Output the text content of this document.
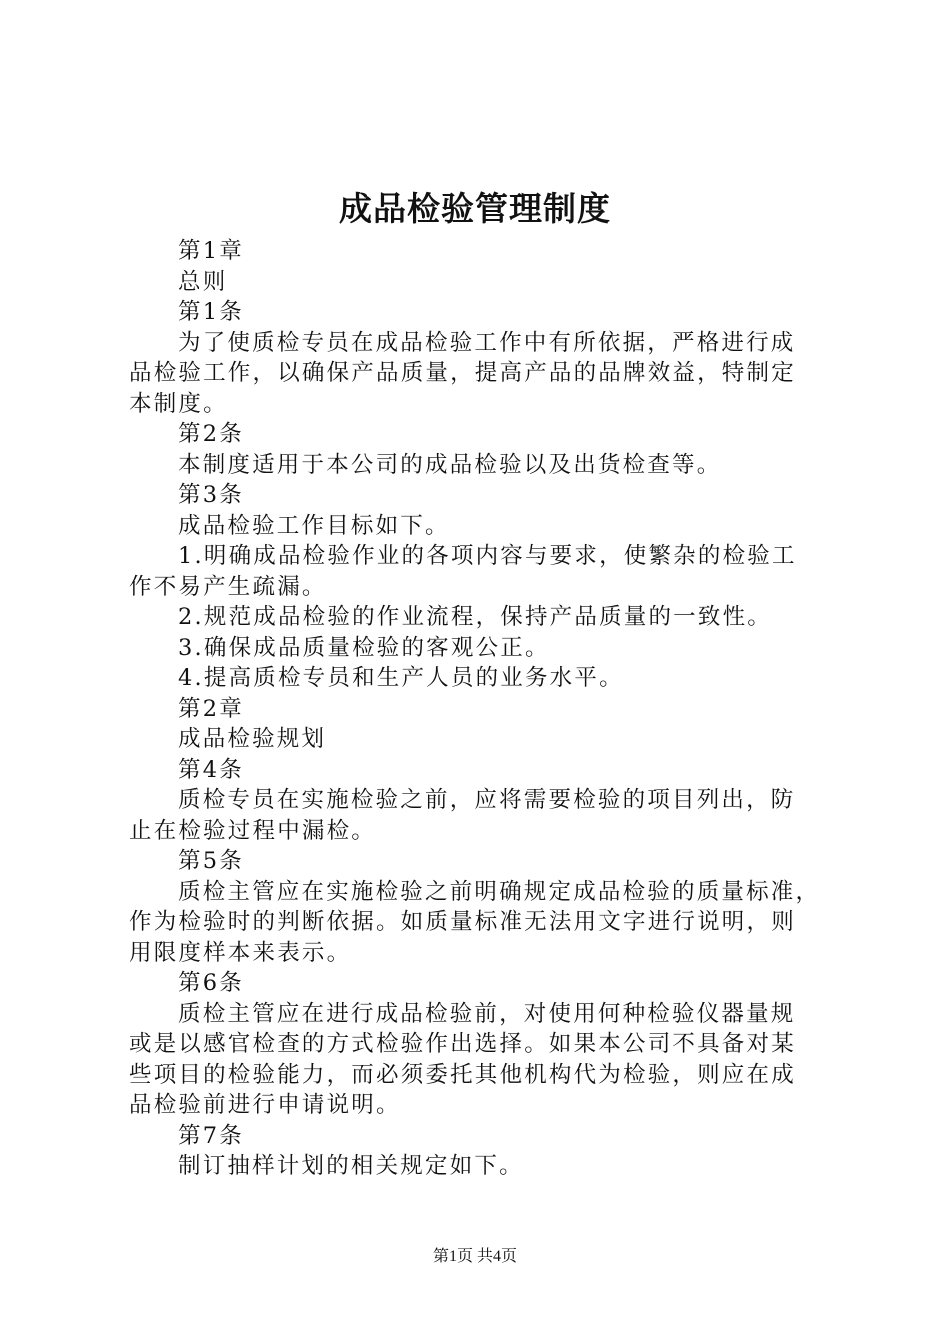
成品检验管理制度
第1章
总则
第1条
为了使质检专员在成品检验工作中有所依据，严格进行成
品检验工作，以确保产品质量，提高产品的品牌效益，特制定
本制度。
第2条
本制度适用于本公司的成品检验以及出货检查等。
第3条
成品检验工作目标如下。
1.明确成品检验作业的各项内容与要求，使繁杂的检验工
作不易产生疏漏。
2.规范成品检验的作业流程，保持产品质量的一致性。
3.确保成品质量检验的客观公正。
4.提高质检专员和生产人员的业务水平。
第2章
成品检验规划
第4条
质检专员在实施检验之前，应将需要检验的项目列出，防
止在检验过程中漏检。
第5条
质检主管应在实施检验之前明确规定成品检验的质量标准，
作为检验时的判断依据。如质量标准无法用文字进行说明，则
用限度样本来表示。
第6条
质检主管应在进行成品检验前，对使用何种检验仪器量规
或是以感官检查的方式检验作出选择。如果本公司不具备对某
些项目的检验能力，而必须委托其他机构代为检验，则应在成
品检验前进行申请说明。
第7条
制订抽样计划的相关规定如下。
第1页 共4页
